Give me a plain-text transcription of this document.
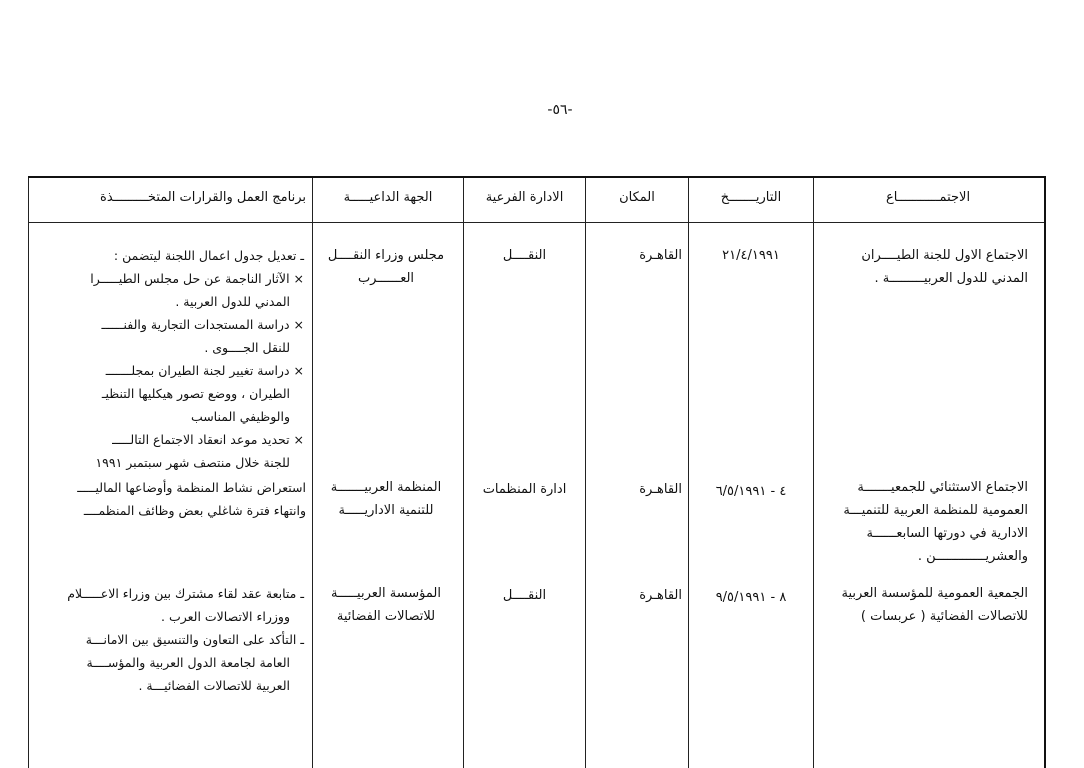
-٥٦-
الاجتمـــــــــــاع
التاريـــــــخ
المكان
الادارة الفرعية
الجهة الداعيـــــة
برنامج العمل والقرارات المتخـــــــــذة

الاجتماع الاول للجنة الطيــــران

المدني للدول العربيـــــــــة .

٢١/٤/١٩٩١
القاهـرة
النقــــل

مجلس وزراء النقــــل

العــــــرب

ـ تعديل جدول اعمال اللجنة ليتضمن :

× الآثار الناجمة عن حل مجلس الطيـــــرا

المدني للدول العربية .

× دراسة المستجدات التجارية والفنــــــ

للنقل الجــــوى .

× دراسة تغيير لجنة الطيران بمجلـــــــ

الطيران ، ووضع تصور هيكليها التنظيـ

والوظيفي المناسب

× تحديد موعد انعقاد الاجتماع التالـــــ

للجنة خلال منتصف شهر سبتمبر ١٩٩١

الاجتماع الاستثنائي للجمعيـــــــة

العمومية للمنظمة العربية للتنميـــة

الادارية في دورتها السابعــــــة

والعشريـــــــــــــن .

٤ - ٦/٥/١٩٩١
القاهـرة
ادارة المنظمات

المنظمة العربيـــــــة

للتنمية الاداريـــــة

استعراض نشاط المنظمة وأوضاعها الماليـــــ

وانتهاء فترة شاغلي بعض وظائف المنظمــــ

الجمعية العمومية للمؤسسة العربية

للاتصالات الفضائية ( عربسات )

٨ - ٩/٥/١٩٩١
القاهـرة
النقــــل

المؤسسة العربيـــــة

للاتصالات الفضائية

ـ متابعة عقد لقاء مشترك بين وزراء الاعـــــلام

ووزراء الاتصالات العرب .

ـ التأكد على التعاون والتنسيق بين الامانـــة

العامة لجامعة الدول العربية والمؤســــة

العربية للاتصالات الفضائيـــة .
